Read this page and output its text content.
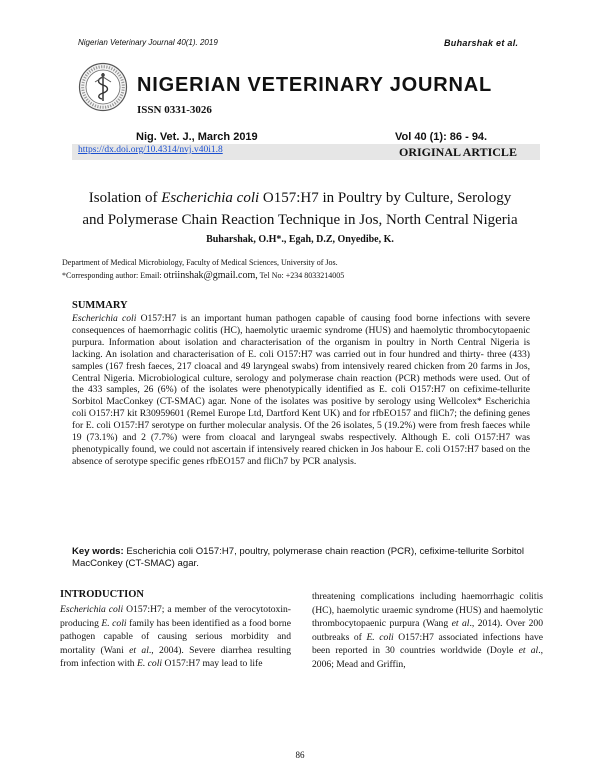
Nigerian Veterinary Journal 40(1). 2019	Buharshak et al.
NIGERIAN VETERINARY JOURNAL
ISSN 0331-3026
Nig. Vet. J., March 2019	Vol 40 (1): 86 - 94.
https://dx.doi.org/10.4314/nvj.v40i1.8	ORIGINAL ARTICLE
Isolation of Escherichia coli O157:H7 in Poultry by Culture, Serology
and Polymerase Chain Reaction Technique in Jos, North Central Nigeria
Buharshak, O.H*., Egah, D.Z, Onyedibe, K.
Department of Medical Microbiology, Faculty of Medical Sciences, University of Jos.
*Corresponding author: Email: otriinshak@gmail.com, Tel No: +234 8033214005
SUMMARY
Escherichia coli O157:H7 is an important human pathogen capable of causing food borne infections with severe consequences of haemorrhagic colitis (HC), haemolytic uraemic syndrome (HUS) and haemolytic thrombocytopaenic purpura. Information about isolation and characterisation of the organism in poultry in North Central Nigeria is lacking. An isolation and characterisation of E. coli O157:H7 was carried out in four hundred and thirty- three (433) samples (167 fresh faeces, 217 cloacal and 49 laryngeal swabs) from intensively reared chicken from 20 farms in Jos, Central Nigeria. Microbiological culture, serology and polymerase chain reaction (PCR) methods were used. Out of the 433 samples, 26 (6%) of the isolates were phenotypically identified as E. coli O157:H7 on cefixime-tellurite Sorbitol MacConkey (CT-SMAC) agar. None of the isolates was positive by serology using Wellcolex* Escherichia coli O157:H7 kit R30959601 (Remel Europe Ltd, Dartford Kent UK) and for rfbEO157 and fliCh7; the defining genes for E. coli O157:H7 serotype on further molecular analysis. Of the 26 isolates, 5 (19.2%) were from fresh faeces while 19 (73.1%) and 2 (7.7%) were from cloacal and laryngeal swabs respectively. Although E. coli O157:H7 was phenotypically found, we could not ascertain if intensively reared chicken in Jos habour E. coli O157:H7 based on the absence of serotype specific genes rfbEO157 and fliCh7 by PCR analysis.
Key words: Escherichia coli O157:H7, poultry, polymerase chain reaction (PCR), cefixime-tellurite Sorbitol MacConkey (CT-SMAC) agar.
INTRODUCTION
Escherichia coli O157:H7; a member of the verocytotoxin-producing E. coli family has been identified as a food borne pathogen capable of causing serious morbidity and mortality (Wani et al., 2004). Severe diarrhea resulting from infection with E. coli O157:H7 may lead to life
threatening complications including haemorrhagic colitis (HC), haemolytic uraemic syndrome (HUS) and haemolytic thrombocytopaenic purpura (Wang et al., 2014). Over 200 outbreaks of E. coli O157:H7 associated infections have been reported in 30 countries worldwide (Doyle et al., 2006; Mead and Griffin,
86
